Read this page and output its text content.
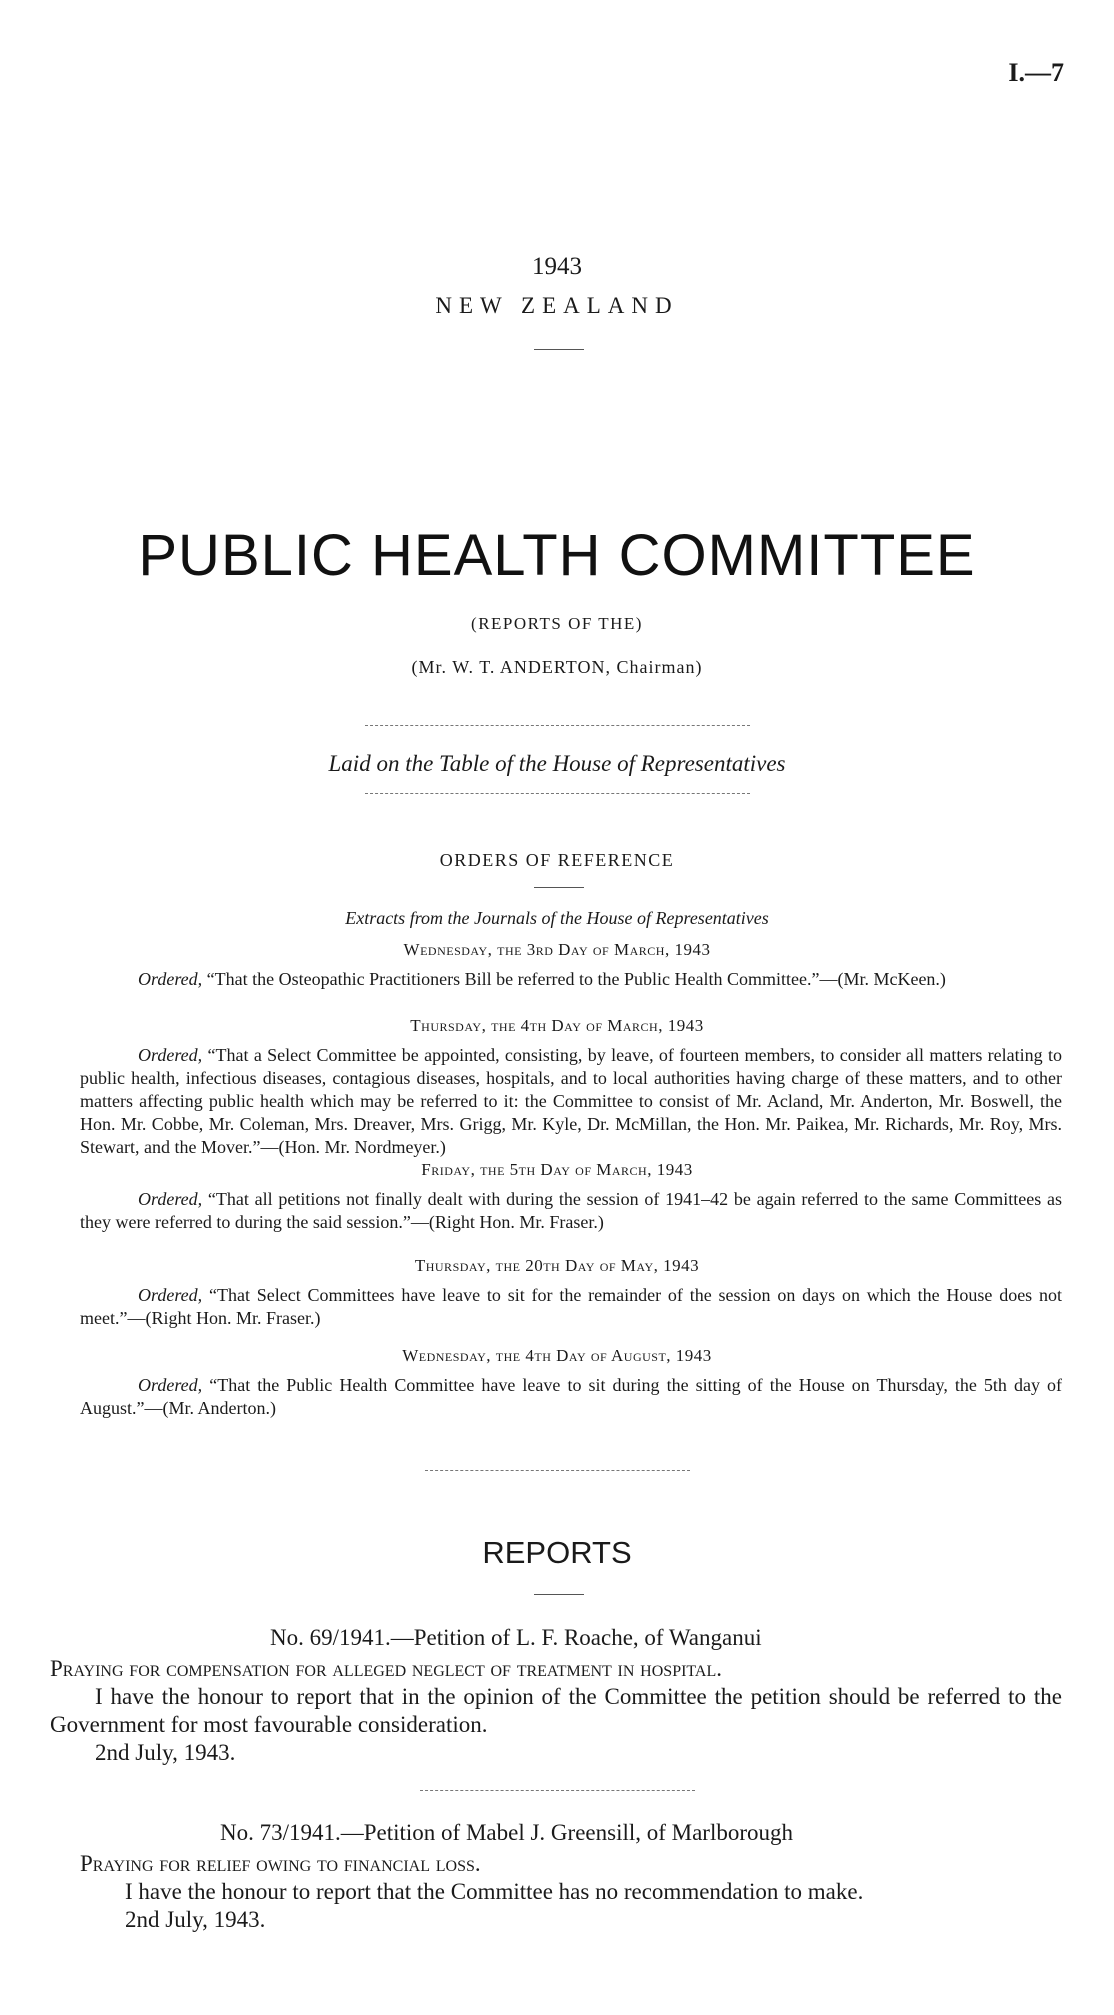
I.—7
1943
NEW ZEALAND
PUBLIC HEALTH COMMITTEE
(REPORTS OF THE)
(Mr. W. T. ANDERTON, Chairman)
Laid on the Table of the House of Representatives
ORDERS OF REFERENCE
Extracts from the Journals of the House of Representatives
Wednesday, the 3rd Day of March, 1943
Ordered, “That the Osteopathic Practitioners Bill be referred to the Public Health Committee.”—(Mr. McKeen.)
Thursday, the 4th Day of March, 1943
Ordered, “That a Select Committee be appointed, consisting, by leave, of fourteen members, to consider all matters relating to public health, infectious diseases, contagious diseases, hospitals, and to local authorities having charge of these matters, and to other matters affecting public health which may be referred to it: the Committee to consist of Mr. Acland, Mr. Anderton, Mr. Boswell, the Hon. Mr. Cobbe, Mr. Coleman, Mrs. Dreaver, Mrs. Grigg, Mr. Kyle, Dr. McMillan, the Hon. Mr. Paikea, Mr. Richards, Mr. Roy, Mrs. Stewart, and the Mover.”—(Hon. Mr. Nordmeyer.)
Friday, the 5th Day of March, 1943
Ordered, “That all petitions not finally dealt with during the session of 1941–42 be again referred to the same Committees as they were referred to during the said session.”—(Right Hon. Mr. Fraser.)
Thursday, the 20th Day of May, 1943
Ordered, “That Select Committees have leave to sit for the remainder of the session on days on which the House does not meet.”—(Right Hon. Mr. Fraser.)
Wednesday, the 4th Day of August, 1943
Ordered, “That the Public Health Committee have leave to sit during the sitting of the House on Thursday, the 5th day of August.”—(Mr. Anderton.)
REPORTS
No. 69/1941.—Petition of L. F. Roache, of Wanganui
Praying for compensation for alleged neglect of treatment in hospital.
I have the honour to report that in the opinion of the Committee the petition should be referred to the Government for most favourable consideration.
2nd July, 1943.
No. 73/1941.—Petition of Mabel J. Greensill, of Marlborough
Praying for relief owing to financial loss.
I have the honour to report that the Committee has no recommendation to make.
2nd July, 1943.
